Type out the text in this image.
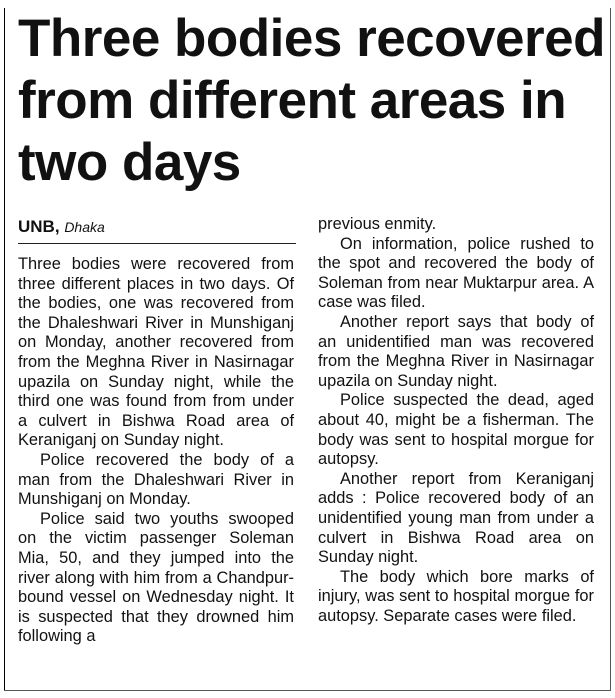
Three bodies recovered from different areas in two days
UNB, Dhaka

Three bodies were recovered from three different places in two days. Of the bodies, one was recovered from the Dhaleshwari River in Munshiganj on Monday, another recovered from from the Meghna River in Nasirnagar upazila on Sunday night, while the third one was found from from under a culvert in Bishwa Road area of Keraniganj on Sunday night.

Police recovered the body of a man from the Dhaleshwari River in Munshiganj on Monday.

Police said two youths swooped on the victim passenger Soleman Mia, 50, and they jumped into the river along with him from a Chandpur-bound vessel on Wednesday night. It is suspected that they drowned him following a

previous enmity.

On information, police rushed to the spot and recovered the body of Soleman from near Muktarpur area. A case was filed.

Another report says that body of an unidentified man was recovered from the Meghna River in Nasirnagar upazila on Sunday night.

Police suspected the dead, aged about 40, might be a fisherman. The body was sent to hospital morgue for autopsy.

Another report from Keraniganj adds : Police recovered body of an unidentified young man from under a culvert in Bishwa Road area on Sunday night.

The body which bore marks of injury, was sent to hospital morgue for autopsy. Separate cases were filed.
